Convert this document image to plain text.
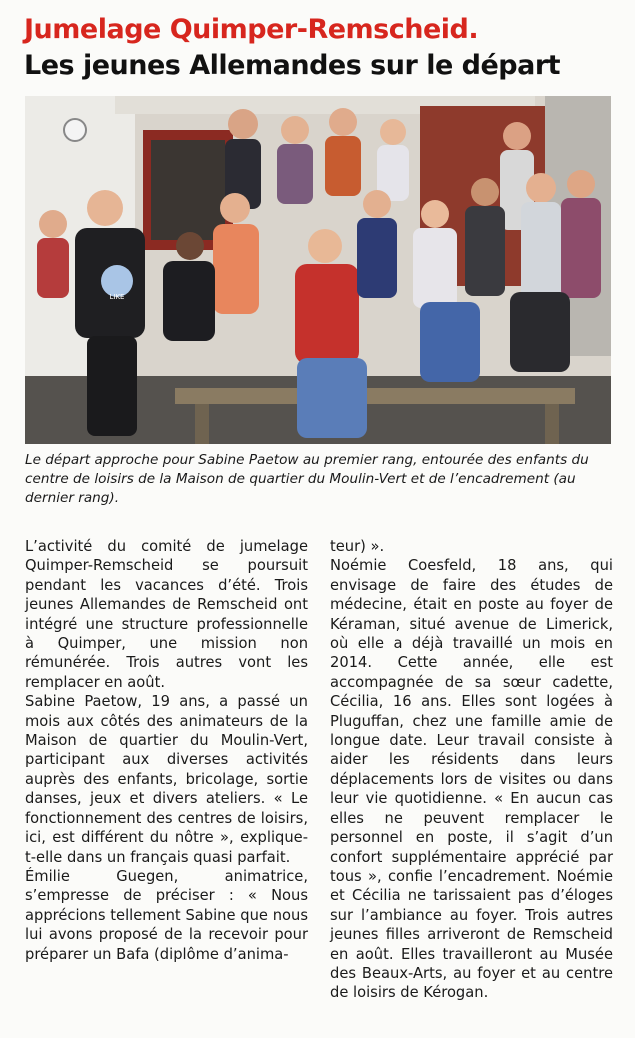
Jumelage Quimper-Remscheid.
Les jeunes Allemandes sur le départ
LIKE
Le départ approche pour Sabine Paetow au premier rang, entourée des enfants du centre de loisirs de la Maison de quartier du Moulin-Vert et de l’encadrement (au dernier rang).

L’activité du comité de jumelage Quimper-Remscheid se poursuit pendant les vacances d’été. Trois jeunes Allemandes de Remscheid ont intégré une structure professionnelle à Quimper, une mission non rémunérée. Trois autres vont les remplacer en août.

Sabine Paetow, 19 ans, a passé un mois aux côtés des animateurs de la Maison de quartier du Moulin-Vert, participant aux diverses activités auprès des enfants, bricolage, sortie danses, jeux et divers ateliers. « Le fonctionnement des centres de loisirs, ici, est différent du nôtre », explique-t-elle dans un français quasi parfait.

Émilie Guegen, animatrice, s’empresse de préciser : « Nous apprécions tellement Sabine que nous lui avons proposé de la recevoir pour préparer un Bafa (diplôme d’anima-

teur) ».

Noémie Coesfeld, 18 ans, qui envisage de faire des études de médecine, était en poste au foyer de Kéraman, situé avenue de Limerick, où elle a déjà travaillé un mois en 2014. Cette année, elle est accompagnée de sa sœur cadette, Cécilia, 16 ans. Elles sont logées à Pluguffan, chez une famille amie de longue date. Leur travail consiste à aider les résidents dans leurs déplacements lors de visites ou dans leur vie quotidienne. « En aucun cas elles ne peuvent remplacer le personnel en poste, il s’agit d’un confort supplémentaire apprécié par tous », confie l’encadrement. Noémie et Cécilia ne tarissaient pas d’éloges sur l’ambiance au foyer. Trois autres jeunes filles arriveront de Remscheid en août. Elles travailleront au Musée des Beaux-Arts, au foyer et au centre de loisirs de Kérogan.
